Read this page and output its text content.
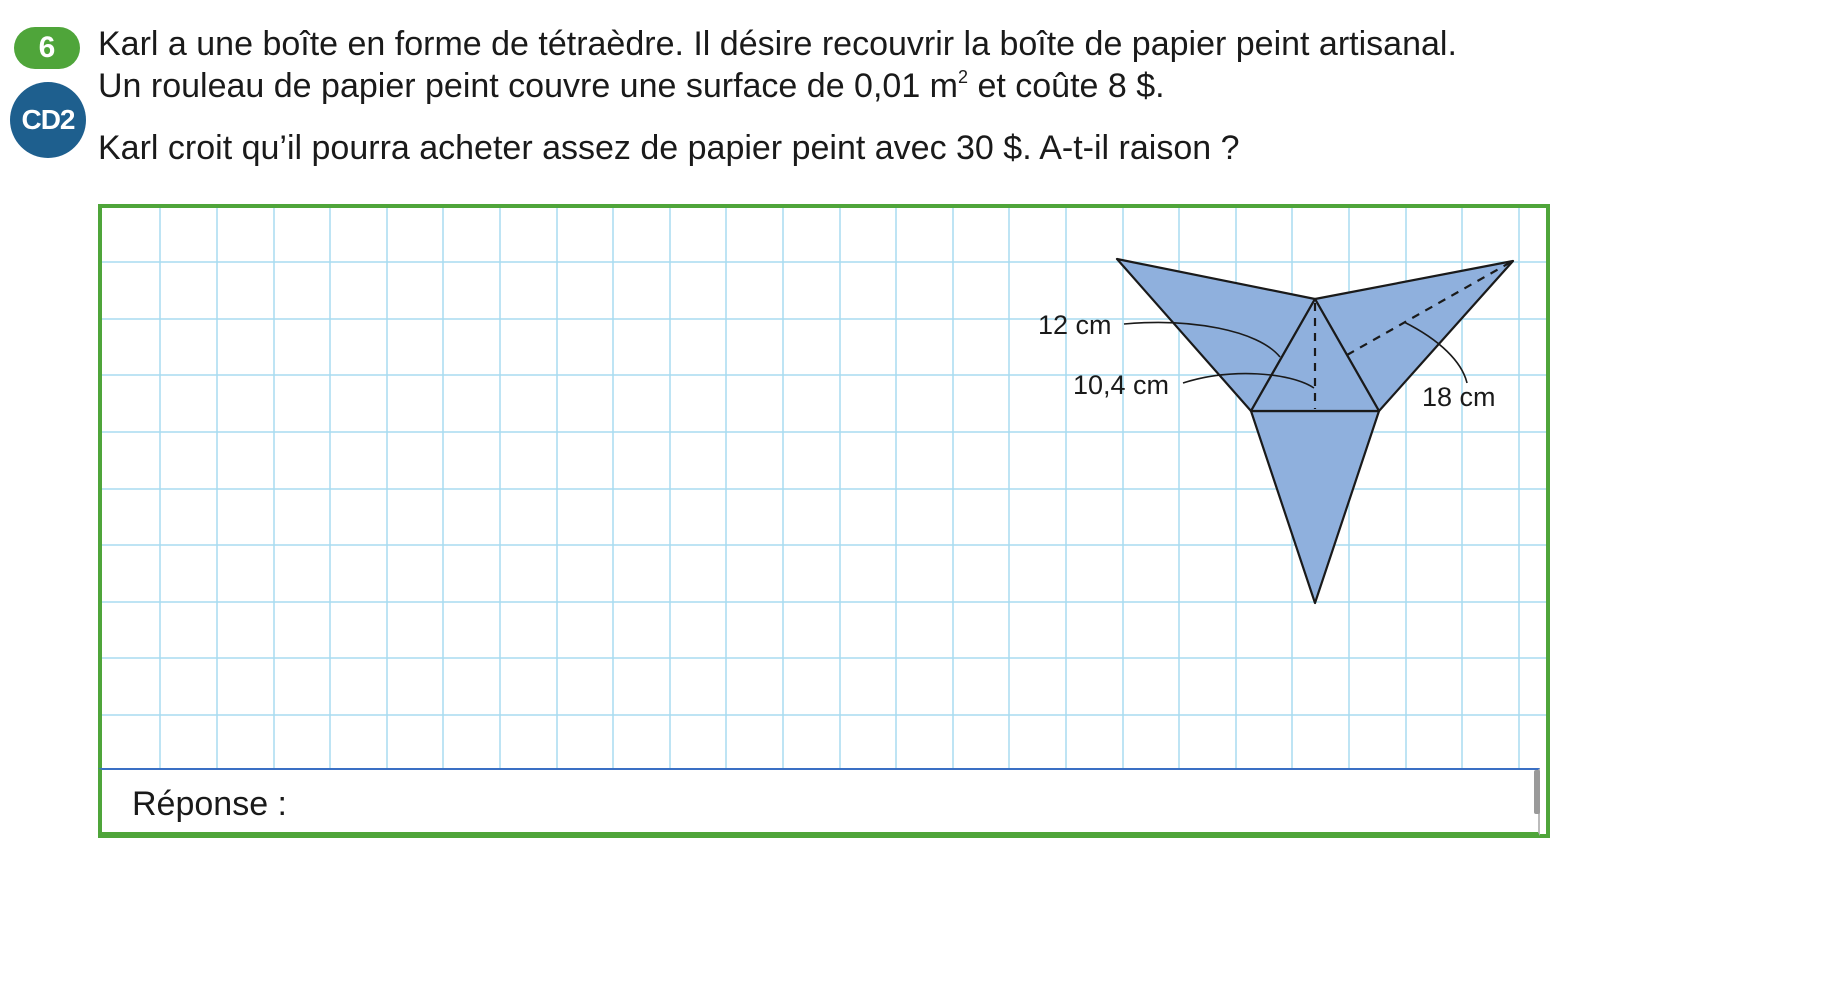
6
CD2
Karl a une boîte en forme de tétraèdre. Il désire recouvrir la boîte de papier peint artisanal.
Un rouleau de papier peint couvre une surface de 0,01 $m^2$ et coûte 8 $.
Karl croit qu’il pourra acheter assez de papier peint avec 30 $. A-t-il raison ?
12 cm
10,4 cm	18 cm
Réponse :
